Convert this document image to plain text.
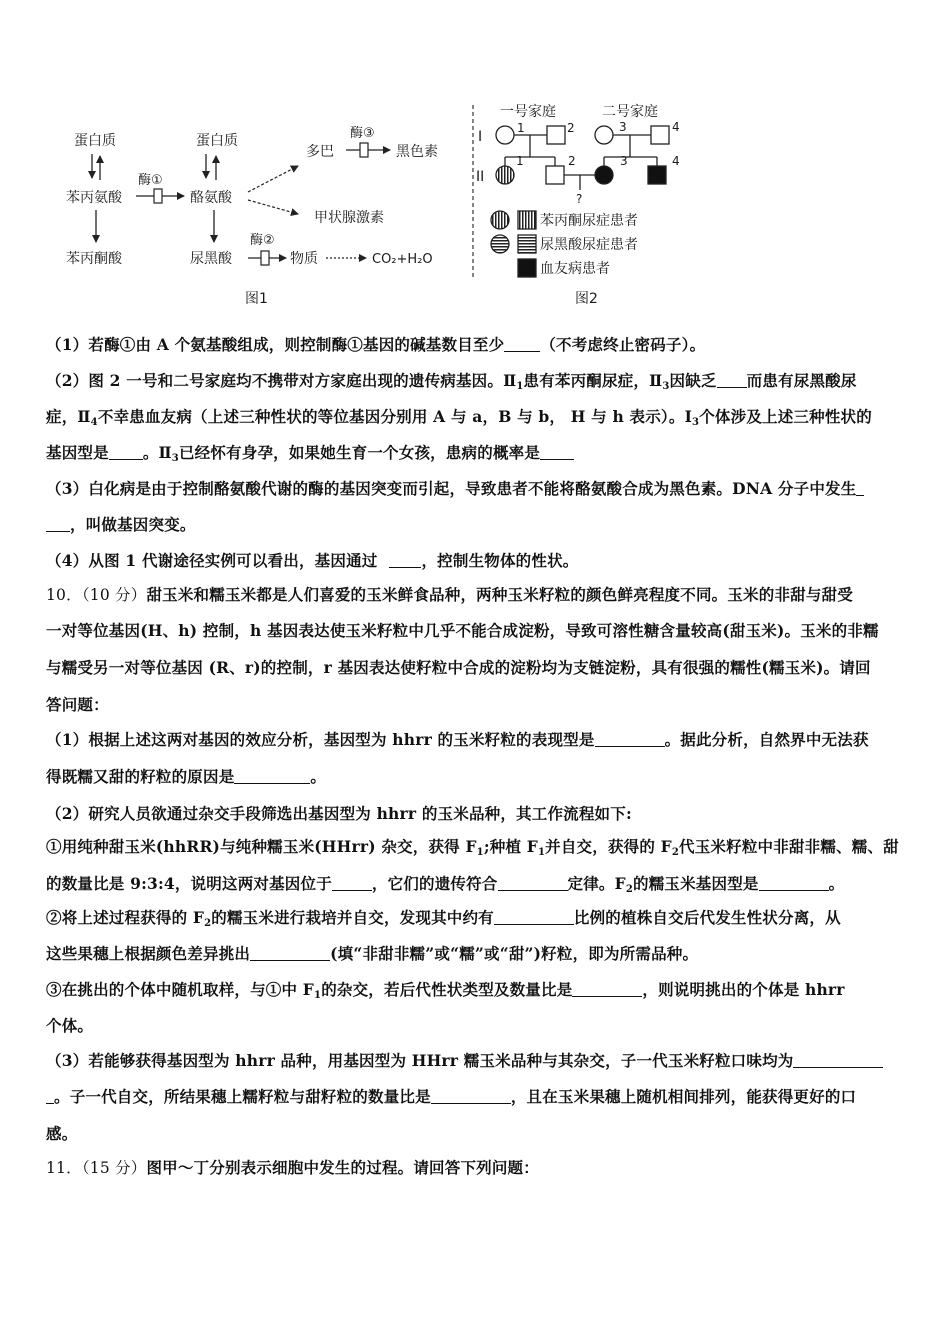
蛋白质
苯丙氨酸
苯丙酮酸
酶①
蛋白质
酪氨酸
尿黑酸
酶②
物质	CO₂+H₂O
多巴
酶③
黑色素
甲状腺激素
图1
一号家庭	二号家庭
I
II
1	2	3	4
1	2	3	4
?
苯丙酮尿症患者
尿黑酸尿症患者
血友病患者
图2
（1）若酶①由 A 个氨基酸组成，则控制酶①基因的碱基数目至少 （不考虑终止密码子）。
（2）图 2 一号和二号家庭均不携带对方家庭出现的遗传病基因。$Ⅱ_1$患有苯丙酮尿症，$Ⅱ_3$因缺乏 而患有尿黑酸尿
症，$Ⅱ_4$不幸患血友病（上述三种性状的等位基因分别用 A 与 a，B 与 b， H 与 h 表示）。$I_3$个体涉及上述三种性状的
基因型是 。$Ⅱ_3$已经怀有身孕，如果她生育一个女孩，患病的概率是
（3）白化病是由于控制酪氨酸代谢的酶的基因突变而引起，导致患者不能将酪氨酸合成为黑色素。DNA 分子中发生
，叫做基因突变。
（4）从图 1 代谢途径实例可以看出，基因通过	，控制生物体的性状。
10．（10 分）甜玉米和糯玉米都是人们喜爱的玉米鲜食品种，两种玉米籽粒的颜色鲜亮程度不同。玉米的非甜与甜受
一对等位基因(H、h) 控制，h 基因表达使玉米籽粒中几乎不能合成淀粉，导致可溶性糖含量较高(甜玉米)。玉米的非糯
与糯受另一对等位基因 (R、r)的控制，r 基因表达使籽粒中合成的淀粉均为支链淀粉，具有很强的糯性(糯玉米)。请回
答问题：
（1）根据上述这两对基因的效应分析，基因型为 hhrr 的玉米籽粒的表现型是	。据此分析，自然界中无法获
得既糯又甜的籽粒的原因是	。
（2）研究人员欲通过杂交手段筛选出基因型为 hhrr 的玉米品种，其工作流程如下:
①用纯种甜玉米(hhRR)与纯种糯玉米(HHrr) 杂交，获得 $F_1$;种植 $F_1$并自交，获得的 $F_2$代玉米籽粒中非甜非糯、糯、甜
的数量比是 9:3:4，说明这两对基因位于	，它们的遗传符合	定律。$F_2$的糯玉米基因型是	。
②将上述过程获得的 $F_2$的糯玉米进行栽培并自交，发现其中约有	比例的植株自交后代发生性状分离，从
这些果穗上根据颜色差异挑出	(填“非甜非糯”或“糯”或“甜”)籽粒，即为所需品种。
③在挑出的个体中随机取样，与①中 $F_1$的杂交，若后代性状类型及数量比是	，则说明挑出的个体是 hhrr
个体。
（3）若能够获得基因型为 hhrr 品种，用基因型为 HHrr 糯玉米品种与其杂交，子一代玉米籽粒口味均为
。子一代自交，所结果穗上糯籽粒与甜籽粒的数量比是	，且在玉米果穗上随机相间排列，能获得更好的口
感。
11．（15 分）图甲～丁分别表示细胞中发生的过程。请回答下列问题：
